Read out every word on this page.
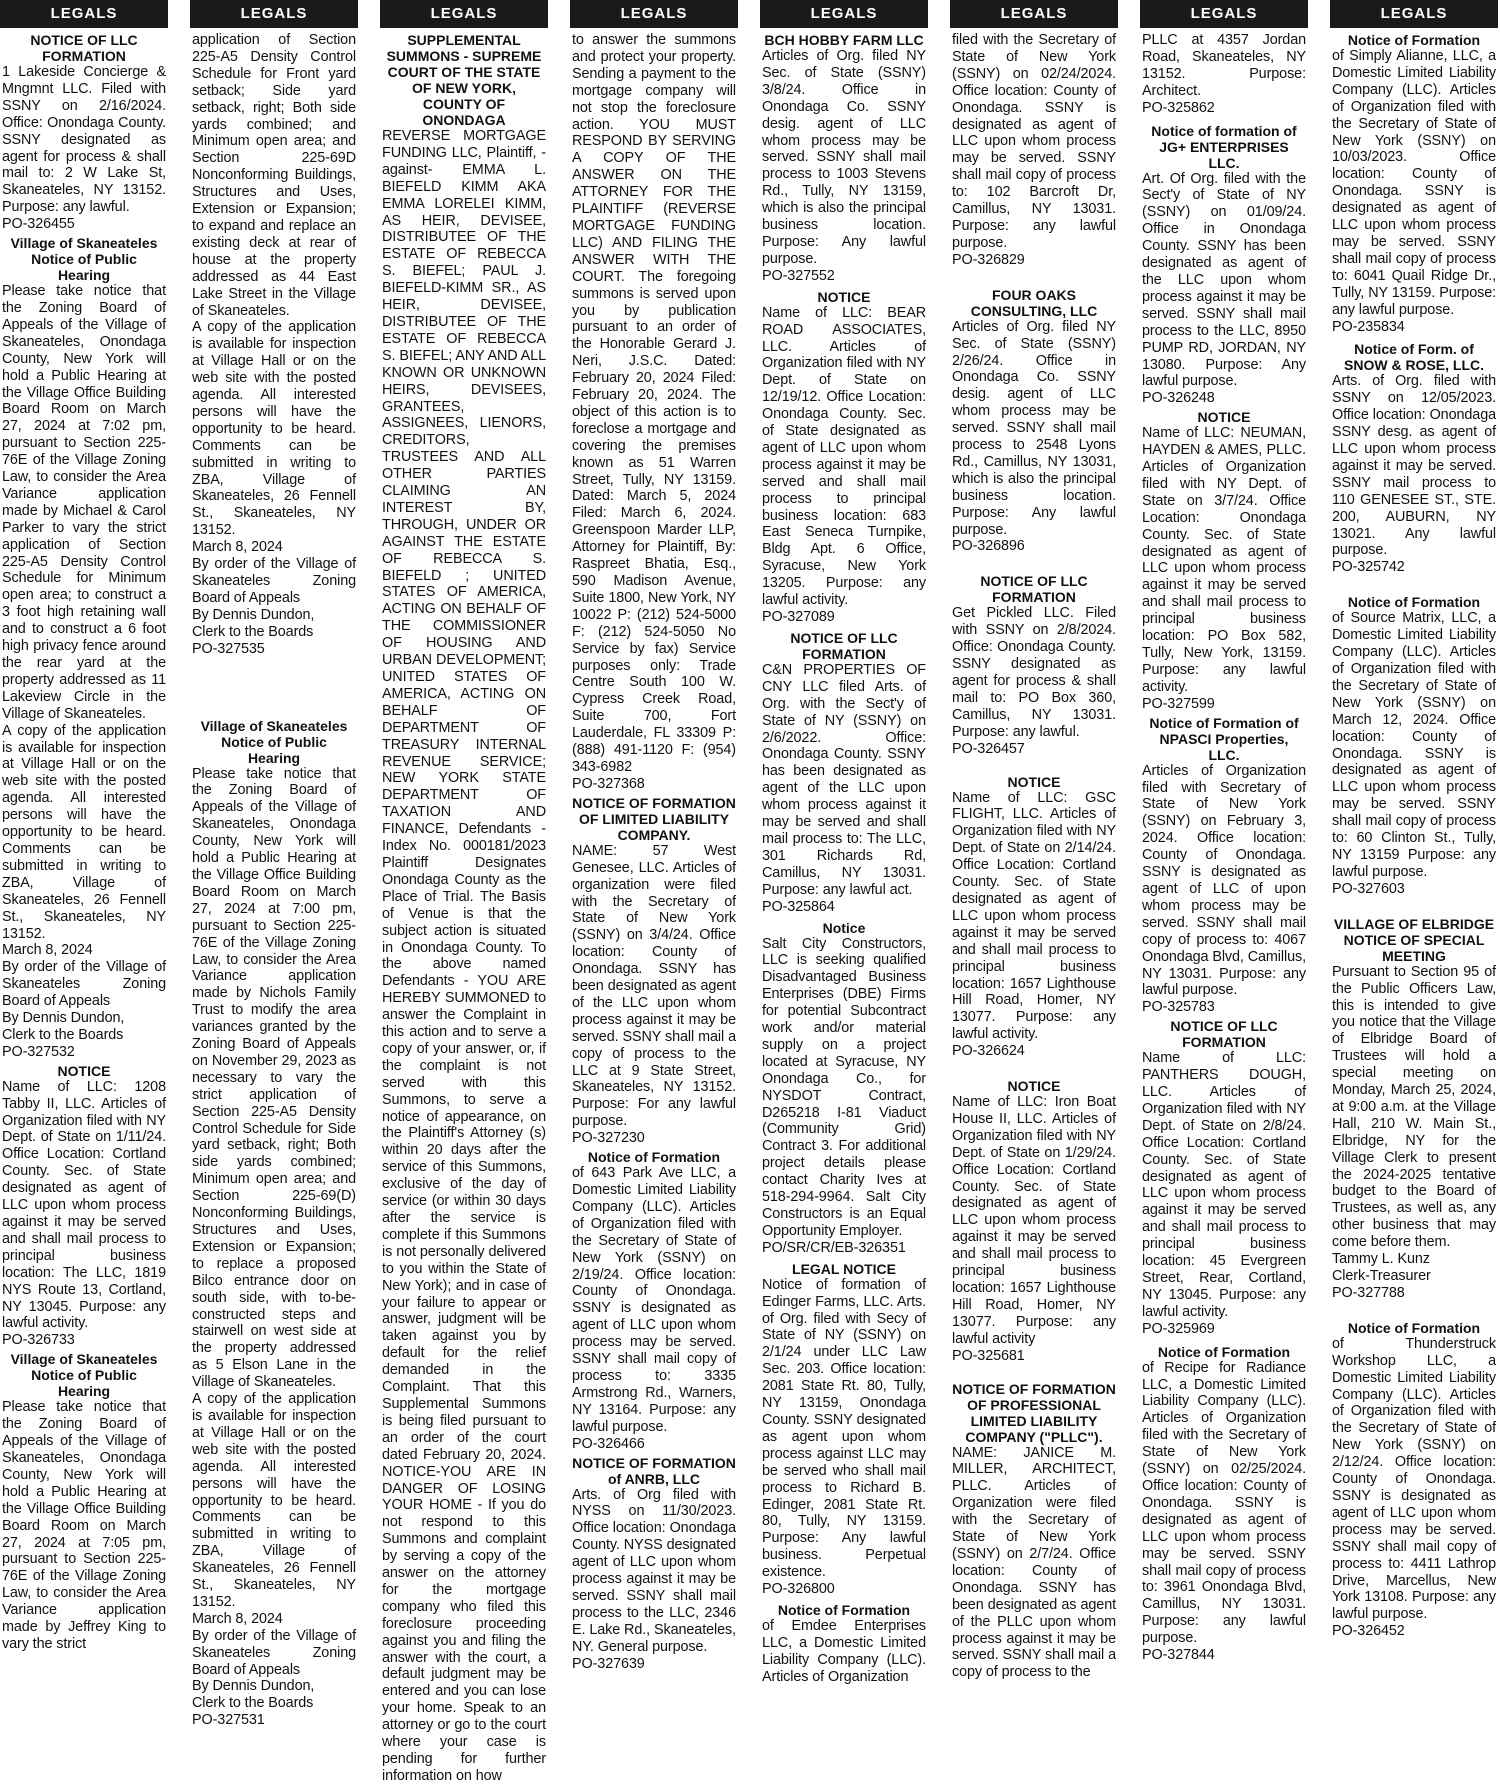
LEGALS
NOTICE OF LLC
FORMATION
1 Lakeside Concierge & Mngmnt LLC. Filed with SSNY on 2/16/2024. Office: Onondaga County. SSNY designated as agent for process & shall mail to: 2 W Lake St, Skaneateles, NY 13152. Purpose: any lawful.
PO-326455
Village of Skaneateles
Notice of Public
Hearing
Please take notice that the Zoning Board of Appeals of the Village of Skaneateles, Onondaga County, New York will hold a Public Hearing at the Village Office Building Board Room on March 27, 2024 at 7:02 pm, pursuant to Section 225-76E of the Village Zoning Law, to consider the Area Variance application made by Michael & Carol Parker to vary the strict application of Section 225-A5 Density Control Schedule for Minimum open area; to construct a 3 foot high retaining wall and to construct a 6 foot high privacy fence around the rear yard at the property addressed as 11 Lakeview Circle in the Village of Skaneateles.
A copy of the application is available for inspection at Village Hall or on the web site with the posted agenda. All interested persons will have the opportunity to be heard. Comments can be submitted in writing to ZBA, Village of Skaneateles, 26 Fennell St., Skaneateles, NY 13152.
March 8, 2024
By order of the Village of Skaneateles Zoning Board of Appeals
By Dennis Dundon,
Clerk to the Boards
PO-327532
NOTICE
Name of LLC: 1208 Tabby II, LLC. Articles of Organization filed with NY Dept. of State on 1/11/24. Office Location: Cortland County. Sec. of State designated as agent of LLC upon whom process against it may be served and shall mail process to principal business location: The LLC, 1819 NYS Route 13, Cortland, NY 13045. Purpose: any lawful activity.
PO-326733
Village of Skaneateles
Notice of Public
Hearing
Please take notice that the Zoning Board of Appeals of the Village of Skaneateles, Onondaga County, New York will hold a Public Hearing at the Village Office Building Board Room on March 27, 2024 at 7:05 pm, pursuant to Section 225-76E of the Village Zoning Law, to consider the Area Variance application made by Jeffrey King to vary the strict
LEGALS
application of Section 225-A5 Density Control Schedule for Front yard setback; Side yard setback, right; Both side yards combined; and Minimum open area; and Section 225-69D Nonconforming Buildings, Structures and Uses, Extension or Expansion; to expand and replace an existing deck at rear of house at the property addressed as 44 East Lake Street in the Village of Skaneateles.
A copy of the application is available for inspection at Village Hall or on the web site with the posted agenda. All interested persons will have the opportunity to be heard. Comments can be submitted in writing to ZBA, Village of Skaneateles, 26 Fennell St., Skaneateles, NY 13152.
March 8, 2024
By order of the Village of Skaneateles Zoning Board of Appeals
By Dennis Dundon,
Clerk to the Boards
PO-327535
Village of Skaneateles
Notice of Public
Hearing
Please take notice that the Zoning Board of Appeals of the Village of Skaneateles, Onondaga County, New York will hold a Public Hearing at the Village Office Building Board Room on March 27, 2024 at 7:00 pm, pursuant to Section 225-76E of the Village Zoning Law, to consider the Area Variance application made by Nichols Family Trust to modify the area variances granted by the Zoning Board of Appeals on November 29, 2023 as necessary to vary the strict application of Section 225-A5 Density Control Schedule for Side yard setback, right; Both side yards combined; Minimum open area; and Section 225-69(D) Nonconforming Buildings, Structures and Uses, Extension or Expansion; to replace a proposed Bilco entrance door on south side, with to-be-constructed steps and stairwell on west side at the property addressed as 5 Elson Lane in the Village of Skaneateles.
A copy of the application is available for inspection at Village Hall or on the web site with the posted agenda. All interested persons will have the opportunity to be heard. Comments can be submitted in writing to ZBA, Village of Skaneateles, 26 Fennell St., Skaneateles, NY 13152.
March 8, 2024
By order of the Village of Skaneateles Zoning Board of Appeals
By Dennis Dundon,
Clerk to the Boards
PO-327531
LEGALS
SUPPLEMENTAL
SUMMONS - SUPREME
COURT OF THE STATE
OF NEW YORK,
COUNTY OF ONONDAGA
REVERSE MORTGAGE FUNDING LLC, Plaintiff, -against- EMMA L. BIEFELD KIMM AKA EMMA LORELEI KIMM, AS HEIR, DEVISEE, DISTRIBUTEE OF THE ESTATE OF REBECCA S. BIEFEL; PAUL J. BIEFELD-KIMM SR., AS HEIR, DEVISEE, DISTRIBUTEE OF THE ESTATE OF REBECCA S. BIEFEL; ANY AND ALL KNOWN OR UNKNOWN HEIRS, DEVISEES, GRANTEES, ASSIGNEES, LIENORS, CREDITORS, TRUSTEES AND ALL OTHER PARTIES CLAIMING AN INTEREST BY, THROUGH, UNDER OR AGAINST THE ESTATE OF REBECCA S. BIEFELD ; UNITED STATES OF AMERICA, ACTING ON BEHALF OF THE COMMISSIONER OF HOUSING AND URBAN DEVELOPMENT; UNITED STATES OF AMERICA, ACTING ON BEHALF OF DEPARTMENT OF TREASURY INTERNAL REVENUE SERVICE; NEW YORK STATE DEPARTMENT OF TAXATION AND FINANCE, Defendants - Index No. 000181/2023 Plaintiff Designates Onondaga County as the Place of Trial. The Basis of Venue is that the subject action is situated in Onondaga County. To the above named Defendants - YOU ARE HEREBY SUMMONED to answer the Complaint in this action and to serve a copy of your answer, or, if the complaint is not served with this Summons, to serve a notice of appearance, on the Plaintiff's Attorney (s) within 20 days after the service of this Summons, exclusive of the day of service (or within 30 days after the service is complete if this Summons is not personally delivered to you within the State of New York); and in case of your failure to appear or answer, judgment will be taken against you by default for the relief demanded in the Complaint. That this Supplemental Summons is being filed pursuant to an order of the court dated February 20, 2024. NOTICE-YOU ARE IN DANGER OF LOSING YOUR HOME - If you do not respond to this Summons and complaint by serving a copy of the answer on the attorney for the mortgage company who filed this foreclosure proceeding against you and filing the answer with the court, a default judgment may be entered and you can lose your home. Speak to an attorney or go to the court where your case is pending for further information on how
LEGALS
to answer the summons and protect your property. Sending a payment to the mortgage company will not stop the foreclosure action. YOU MUST RESPOND BY SERVING A COPY OF THE ANSWER ON THE ATTORNEY FOR THE PLAINTIFF (REVERSE MORTGAGE FUNDING LLC) AND FILING THE ANSWER WITH THE COURT. The foregoing summons is served upon you by publication pursuant to an order of the Honorable Gerard J. Neri, J.S.C. Dated: February 20, 2024 Filed: February 20, 2024. The object of this action is to foreclose a mortgage and covering the premises known as 51 Warren Street, Tully, NY 13159. Dated: March 5, 2024 Filed: March 6, 2024. Greenspoon Marder LLP, Attorney for Plaintiff, By: Raspreet Bhatia, Esq., 590 Madison Avenue, Suite 1800, New York, NY 10022 P: (212) 524-5000 F: (212) 524-5050 No Service by fax) Service purposes only: Trade Centre South 100 W. Cypress Creek Road, Suite 700, Fort Lauderdale, FL 33309 P: (888) 491-1120 F: (954) 343-6982
PO-327368
NOTICE OF FORMATION
OF LIMITED LIABILITY
COMPANY.
NAME: 57 West Genesee, LLC. Articles of organization were filed with the Secretary of State of New York (SSNY) on 3/4/24. Office location: County of Onondaga. SSNY has been designated as agent of the LLC upon whom process against it may be served. SSNY shall mail a copy of process to the LLC at 9 State Street, Skaneateles, NY 13152. Purpose: For any lawful purpose.
PO-327230
Notice of Formation
of 643 Park Ave LLC, a Domestic Limited Liability Company (LLC). Articles of Organization filed with the Secretary of State of New York (SSNY) on 2/19/24. Office location: County of Onondaga. SSNY is designated as agent of LLC upon whom process may be served. SSNY shall mail copy of process to: 3335 Armstrong Rd., Warners, NY 13164. Purpose: any lawful purpose.
PO-326466
NOTICE OF FORMATION
of ANRB, LLC
Arts. of Org filed with NYSS on 11/30/2023. Office location: Onondaga County. NYSS designated agent of LLC upon whom process against it may be served. SSNY shall mail process to the LLC, 2346 E. Lake Rd., Skaneateles, NY. General purpose.
PO-327639
LEGALS
BCH HOBBY FARM LLC
Articles of Org. filed NY Sec. of State (SSNY) 3/8/24. Office in Onondaga Co. SSNY desig. agent of LLC whom process may be served. SSNY shall mail process to 1003 Stevens Rd., Tully, NY 13159, which is also the principal business location. Purpose: Any lawful purpose.
PO-327552
NOTICE
Name of LLC: BEAR ROAD ASSOCIATES, LLC. Articles of Organization filed with NY Dept. of State on 12/19/12. Office Location: Onondaga County. Sec. of State designated as agent of LLC upon whom process against it may be served and shall mail process to principal business location: 683 East Seneca Turnpike, Bldg Apt. 6 Office, Syracuse, New York 13205. Purpose: any lawful activity.
PO-327089
NOTICE OF LLC
FORMATION
C&N PROPERTIES OF CNY LLC filed Arts. of Org. with the Sect'y of State of NY (SSNY) on 2/6/2022. Office: Onondaga County. SSNY has been designated as agent of the LLC upon whom process against it may be served and shall mail process to: The LLC, 301 Richards Rd, Camillus, NY 13031. Purpose: any lawful act.
PO-325864
Notice
Salt City Constructors, LLC is seeking qualified Disadvantaged Business Enterprises (DBE) Firms for potential Subcontract work and/or material supply on a project located at Syracuse, NY Onondaga Co., for NYSDOT Contract, D265218 I-81 Viaduct (Community Grid) Contract 3. For additional project details please contact Charity Ives at 518-294-9964. Salt City Constructors is an Equal Opportunity Employer.
PO/SR/CR/EB-326351
LEGAL NOTICE
Notice of formation of Edinger Farms, LLC. Arts. of Org. filed with Secy of State of NY (SSNY) on 2/1/24 under LLC Law Sec. 203. Office location: 2081 State Rt. 80, Tully, NY 13159, Onondaga County. SSNY designated as agent upon whom process against LLC may be served who shall mail process to Richard B. Edinger, 2081 State Rt. 80, Tully, NY 13159. Purpose: Any lawful business. Perpetual existence.
PO-326800
Notice of Formation
of Emdee Enterprises LLC, a Domestic Limited Liability Company (LLC). Articles of Organization
LEGALS
filed with the Secretary of State of New York (SSNY) on 02/24/2024. Office location: County of Onondaga. SSNY is designated as agent of LLC upon whom process may be served. SSNY shall mail copy of process to: 102 Barcroft Dr, Camillus, NY 13031. Purpose: any lawful purpose.
PO-326829
FOUR OAKS
CONSULTING, LLC
Articles of Org. filed NY Sec. of State (SSNY) 2/26/24. Office in Onondaga Co. SSNY desig. agent of LLC whom process may be served. SSNY shall mail process to 2548 Lyons Rd., Camillus, NY 13031, which is also the principal business location. Purpose: Any lawful purpose.
PO-326896
NOTICE OF LLC
FORMATION
Get Pickled LLC. Filed with SSNY on 2/8/2024. Office: Onondaga County. SSNY designated as agent for process & shall mail to: PO Box 360, Camillus, NY 13031. Purpose: any lawful.
PO-326457
NOTICE
Name of LLC: GSC FLIGHT, LLC. Articles of Organization filed with NY Dept. of State on 2/14/24. Office Location: Cortland County. Sec. of State designated as agent of LLC upon whom process against it may be served and shall mail process to principal business location: 1657 Lighthouse Hill Road, Homer, NY 13077. Purpose: any lawful activity.
PO-326624
NOTICE
Name of LLC: Iron Boat House II, LLC. Articles of Organization filed with NY Dept. of State on 1/29/24. Office Location: Cortland County. Sec. of State designated as agent of LLC upon whom process against it may be served and shall mail process to principal business location: 1657 Lighthouse Hill Road, Homer, NY 13077. Purpose: any lawful activity
PO-325681
NOTICE OF FORMATION
OF PROFESSIONAL
LIMITED LIABILITY
COMPANY ("PLLC").
NAME: JANICE M. MILLER, ARCHITECT, PLLC. Articles of Organization were filed with the Secretary of State of New York (SSNY) on 2/7/24. Office location: County of Onondaga. SSNY has been designated as agent of the PLLC upon whom process against it may be served. SSNY shall mail a copy of process to the
LEGALS
PLLC at 4357 Jordan Road, Skaneateles, NY 13152. Purpose: Architect.
PO-325862
Notice of formation of
JG+ ENTERPRISES LLC.
Art. Of Org. filed with the Sect'y of State of NY (SSNY) on 01/09/24. Office in Onondaga County. SSNY has been designated as agent of the LLC upon whom process against it may be served. SSNY shall mail process to the LLC, 8950 PUMP RD, JORDAN, NY 13080. Purpose: Any lawful purpose.
PO-326248
NOTICE
Name of LLC: NEUMAN, HAYDEN & AMES, PLLC. Articles of Organization filed with NY Dept. of State on 3/7/24. Office Location: Onondaga County. Sec. of State designated as agent of LLC upon whom process against it may be served and shall mail process to principal business location: PO Box 582, Tully, New York, 13159. Purpose: any lawful activity.
PO-327599
Notice of Formation of
NPASCI Properties,
LLC.
Articles of Organization filed with Secretary of State of New York (SSNY) on February 3, 2024. Office location: County of Onondaga. SSNY is designated as agent of LLC of upon whom process may be served. SSNY shall mail copy of process to: 4067 Onondaga Blvd, Camillus, NY 13031. Purpose: any lawful purpose.
PO-325783
NOTICE OF LLC
FORMATION
Name of LLC: PANTHERS DOUGH, LLC. Articles of Organization filed with NY Dept. of State on 2/8/24. Office Location: Cortland County. Sec. of State designated as agent of LLC upon whom process against it may be served and shall mail process to principal business location: 45 Evergreen Street, Rear, Cortland, NY 13045. Purpose: any lawful activity.
PO-325969
Notice of Formation
of Recipe for Radiance LLC, a Domestic Limited Liability Company (LLC). Articles of Organization filed with the Secretary of State of New York (SSNY) on 02/25/2024. Office location: County of Onondaga. SSNY is designated as agent of LLC upon whom process may be served. SSNY shall mail copy of process to: 3961 Onondaga Blvd, Camillus, NY 13031. Purpose: any lawful purpose.
PO-327844
LEGALS
Notice of Formation
of Simply Alianne, LLC, a Domestic Limited Liability Company (LLC). Articles of Organization filed with the Secretary of State of New York (SSNY) on 10/03/2023. Office location: County of Onondaga. SSNY is designated as agent of LLC upon whom process may be served. SSNY shall mail copy of process to: 6041 Quail Ridge Dr., Tully, NY 13159. Purpose: any lawful purpose.
PO-235834
Notice of Form. of
SNOW & ROSE, LLC.
Arts. of Org. filed with SSNY on 12/05/2023. Office location: Onondaga SSNY desg. as agent of LLC upon whom process against it may be served. SSNY mail process to 110 GENESEE ST., STE. 200, AUBURN, NY 13021. Any lawful purpose.
PO-325742
Notice of Formation
of Source Matrix, LLC, a Domestic Limited Liability Company (LLC). Articles of Organization filed with the Secretary of State of New York (SSNY) on March 12, 2024. Office location: County of Onondaga. SSNY is designated as agent of LLC upon whom process may be served. SSNY shall mail copy of process to: 60 Clinton St., Tully, NY 13159 Purpose: any lawful purpose.
PO-327603
VILLAGE OF ELBRIDGE
NOTICE OF SPECIAL
MEETING
Pursuant to Section 95 of the Public Officers Law, this is intended to give you notice that the Village of Elbridge Board of Trustees will hold a special meeting on Monday, March 25, 2024, at 9:00 a.m. at the Village Hall, 210 W. Main St., Elbridge, NY for the Village Clerk to present the 2024-2025 tentative budget to the Board of Trustees, as well as, any other business that may come before them.
Tammy L. Kunz
Clerk-Treasurer
PO-327788
Notice of Formation
of Thunderstruck Workshop LLC, a Domestic Limited Liability Company (LLC). Articles of Organization filed with the Secretary of State of New York (SSNY) on 2/12/24. Office location: County of Onondaga. SSNY is designated as agent of LLC upon whom process may be served. SSNY shall mail copy of process to: 4411 Lathrop Drive, Marcellus, New York 13108. Purpose: any lawful purpose.
PO-326452
